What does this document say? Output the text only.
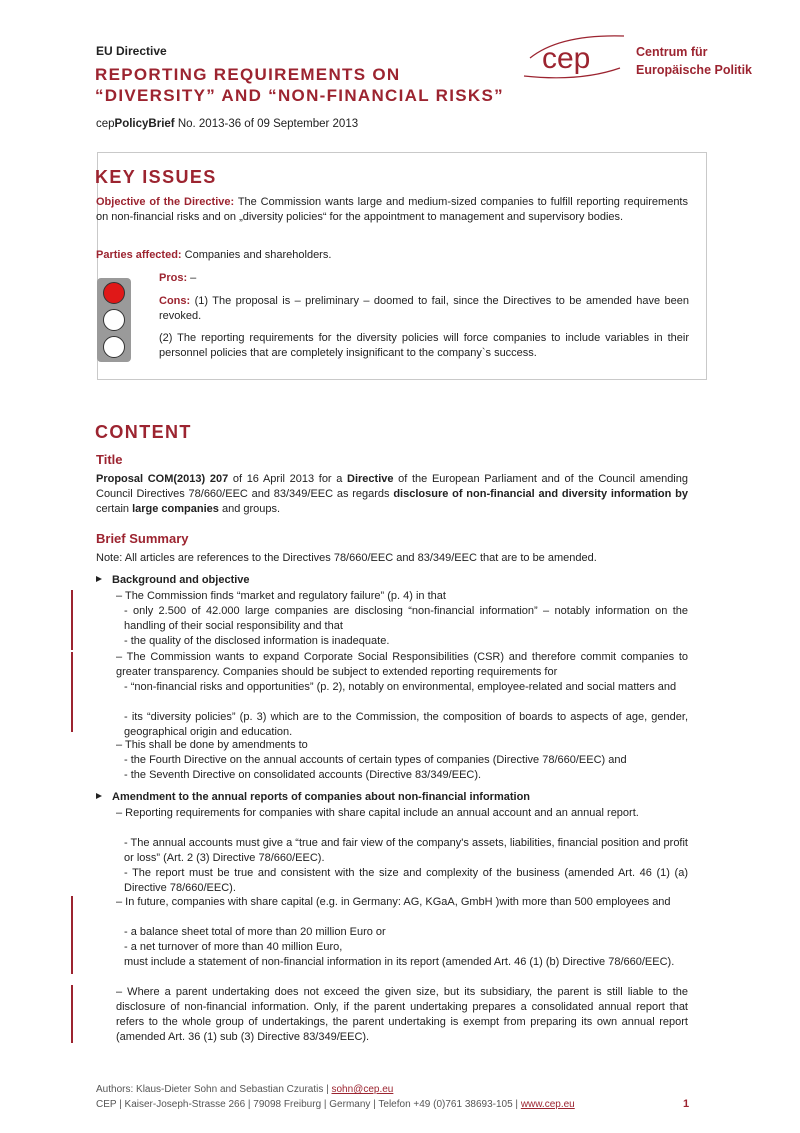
EU Directive
REPORTING REQUIREMENTS ON
“DIVERSITY” AND “NON-FINANCIAL RISKS”
cepPolicyBrief No. 2013-36 of 09 September 2013
cep	Centrum für
Europäische Politik
KEY ISSUES
Objective of the Directive: The Commission wants large and medium-sized companies to fulfill reporting requirements on non-financial risks and on „diversity policies“ for the appointment to management and supervisory bodies.
Parties affected: Companies and shareholders.
Pros: –
Cons: (1) The proposal is – preliminary – doomed to fail, since the Directives to be amended have been revoked.
(2) The reporting requirements for the diversity policies will force companies to include variables in their personnel policies that are completely insignificant to the company`s success.
CONTENT
Title
Proposal COM(2013) 207 of 16 April 2013 for a Directive of the European Parliament and of the Council amending Council Directives 78/660/EEC and 83/349/EEC as regards disclosure of non-financial and diversity information by certain large companies and groups.
Brief Summary
Note: All articles are references to the Directives 78/660/EEC and 83/349/EEC that are to be amended.
Background and objective
– The Commission finds “market and regulatory failure” (p. 4) in that
- only 2.500 of 42.000 large companies are disclosing “non-financial information” – notably information on the handling of their social responsibility and that
- the quality of the disclosed information is inadequate.
– The Commission wants to expand Corporate Social Responsibilities (CSR) and therefore commit companies to greater transparency. Companies should be subject to extended reporting requirements for
- “non-financial risks and opportunities” (p. 2), notably on environmental, employee-related and social matters and
- its “diversity policies” (p. 3) which are to the Commission, the composition of boards to aspects of age, gender, geographical origin and education.
– This shall be done by amendments to
- the Fourth Directive on the annual accounts of certain types of companies (Directive 78/660/EEC) and
- the Seventh Directive on consolidated accounts (Directive 83/349/EEC).
Amendment to the annual reports of companies about non-financial information
– Reporting requirements for companies with share capital include an annual account and an annual report.
- The annual accounts must give a “true and fair view of the company's assets, liabilities, financial position and profit or loss” (Art. 2 (3) Directive 78/660/EEC).
- The report must be true and consistent with the size and complexity of the business (amended Art. 46 (1) (a) Directive 78/660/EEC).
– In future, companies with share capital (e.g. in Germany: AG, KGaA, GmbH )with more than 500 employees and
- a balance sheet total of more than 20 million Euro or
- a net turnover of more than 40 million Euro,
must include a statement of non-financial information in its report (amended Art. 46 (1) (b) Directive 78/660/EEC).
– Where a parent undertaking does not exceed the given size, but its subsidiary, the parent is still liable to the disclosure of non-financial information. Only, if the parent undertaking prepares a consolidated annual report that refers to the whole group of undertakings, the parent undertaking is exempt from preparing its own annual report (amended Art. 36 (1) sub (3) Directive 83/349/EEC).
Authors: Klaus-Dieter Sohn and Sebastian Czuratis | sohn@cep.eu
CEP | Kaiser-Joseph-Strasse 266 | 79098 Freiburg | Germany | Telefon +49 (0)761 38693-105 | www.cep.eu	1
